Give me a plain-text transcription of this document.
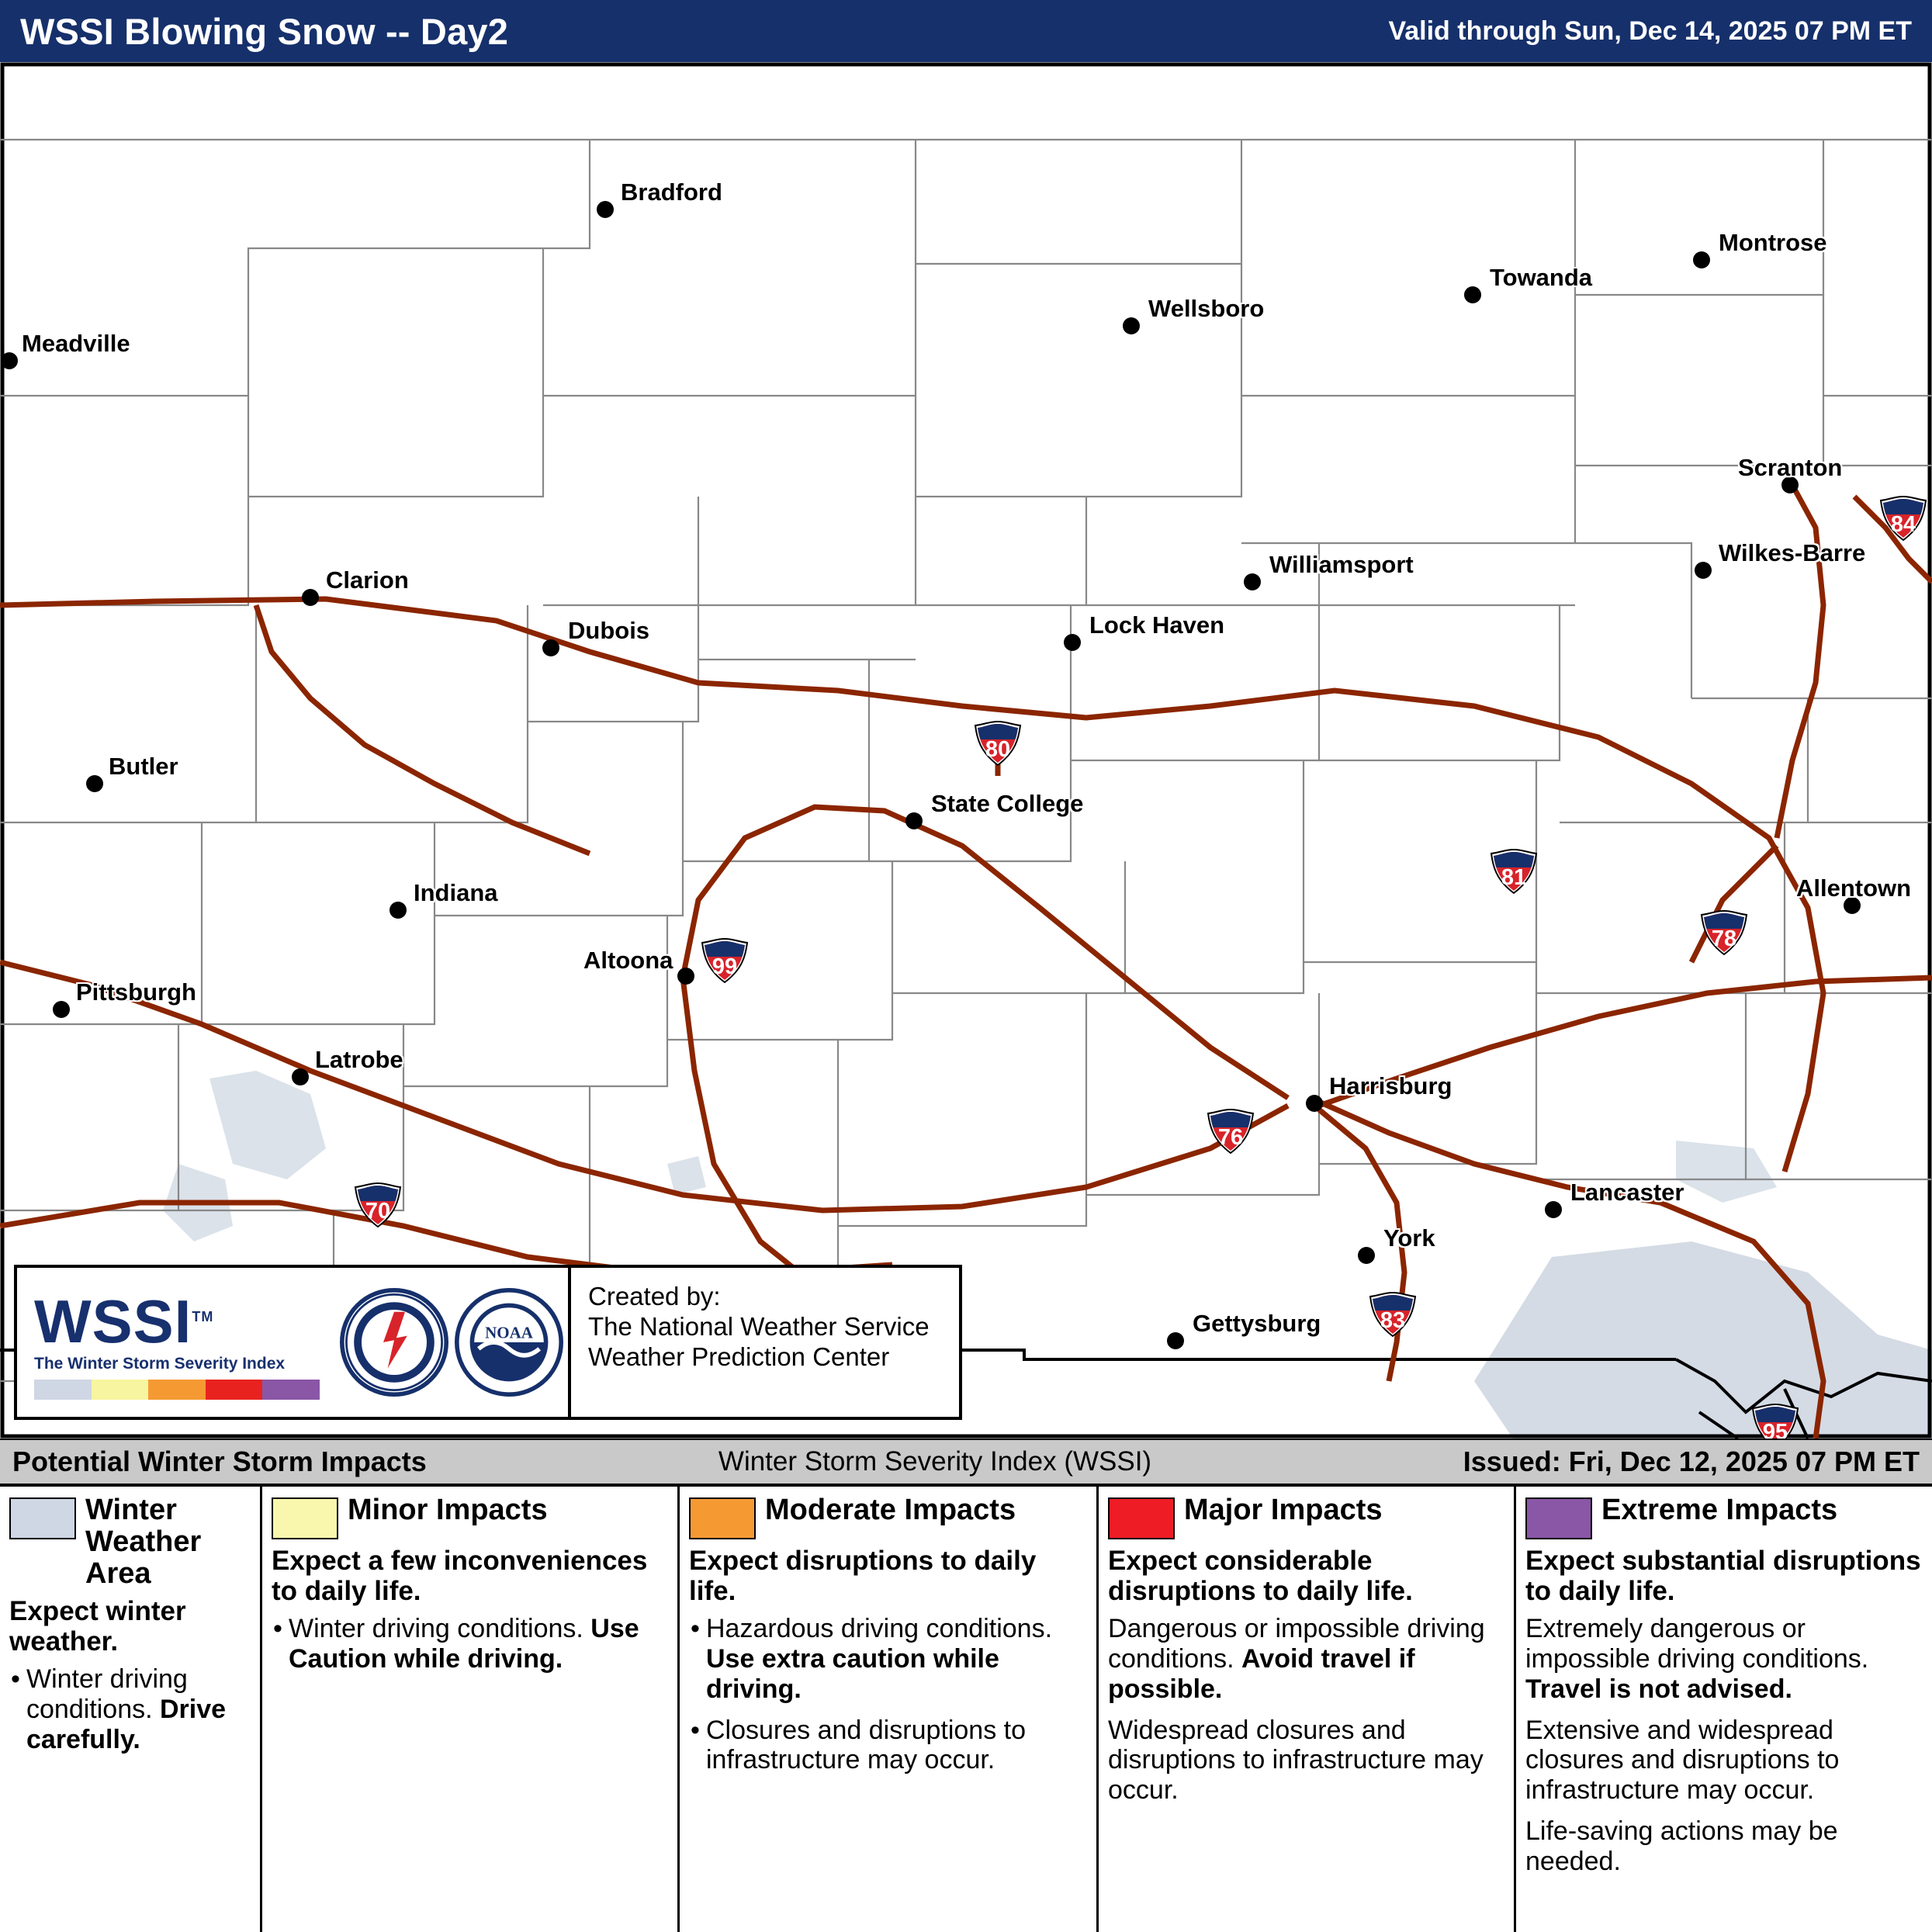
WSSI Blowing Snow -- Day2	Valid through Sun, Dec 14, 2025 07 PM ET
Bradford
Montrose
Towanda
Wellsboro
Meadville
Scranton
Wilkes-Barre
Clarion
Williamsport
Dubois	Lock Haven
Butler
State College
Indiana	Allentown
Altoona
Pittsburgh
Latrobe
Harrisburg
Lancaster
York
Gettysburg
84
80
81
78
99
76
70
83
95
WSSI™
The Winter Storm Severity Index
NOAA
Created by:
The National Weather Service
Weather Prediction Center
Potential Winter Storm Impacts	Winter Storm Severity Index (WSSI)	Issued: Fri, Dec 12, 2025 07 PM ET
Winter Weather Area
Expect winter weather.
• Winter driving conditions. Drive carefully.
Minor Impacts
Expect a few inconveniences to daily life.
• Winter driving conditions. Use Caution while driving.
Moderate Impacts
Expect disruptions to daily life.
• Hazardous driving conditions. Use extra caution while driving.
• Closures and disruptions to infrastructure may occur.
Major Impacts
Expect considerable disruptions to daily life.
Dangerous or impossible driving conditions. Avoid travel if possible.
Widespread closures and disruptions to infrastructure may occur.
Extreme Impacts
Expect substantial disruptions to daily life.
Extremely dangerous or impossible driving conditions. Travel is not advised.
Extensive and widespread closures and disruptions to infrastructure may occur.
Life-saving actions may be needed.
